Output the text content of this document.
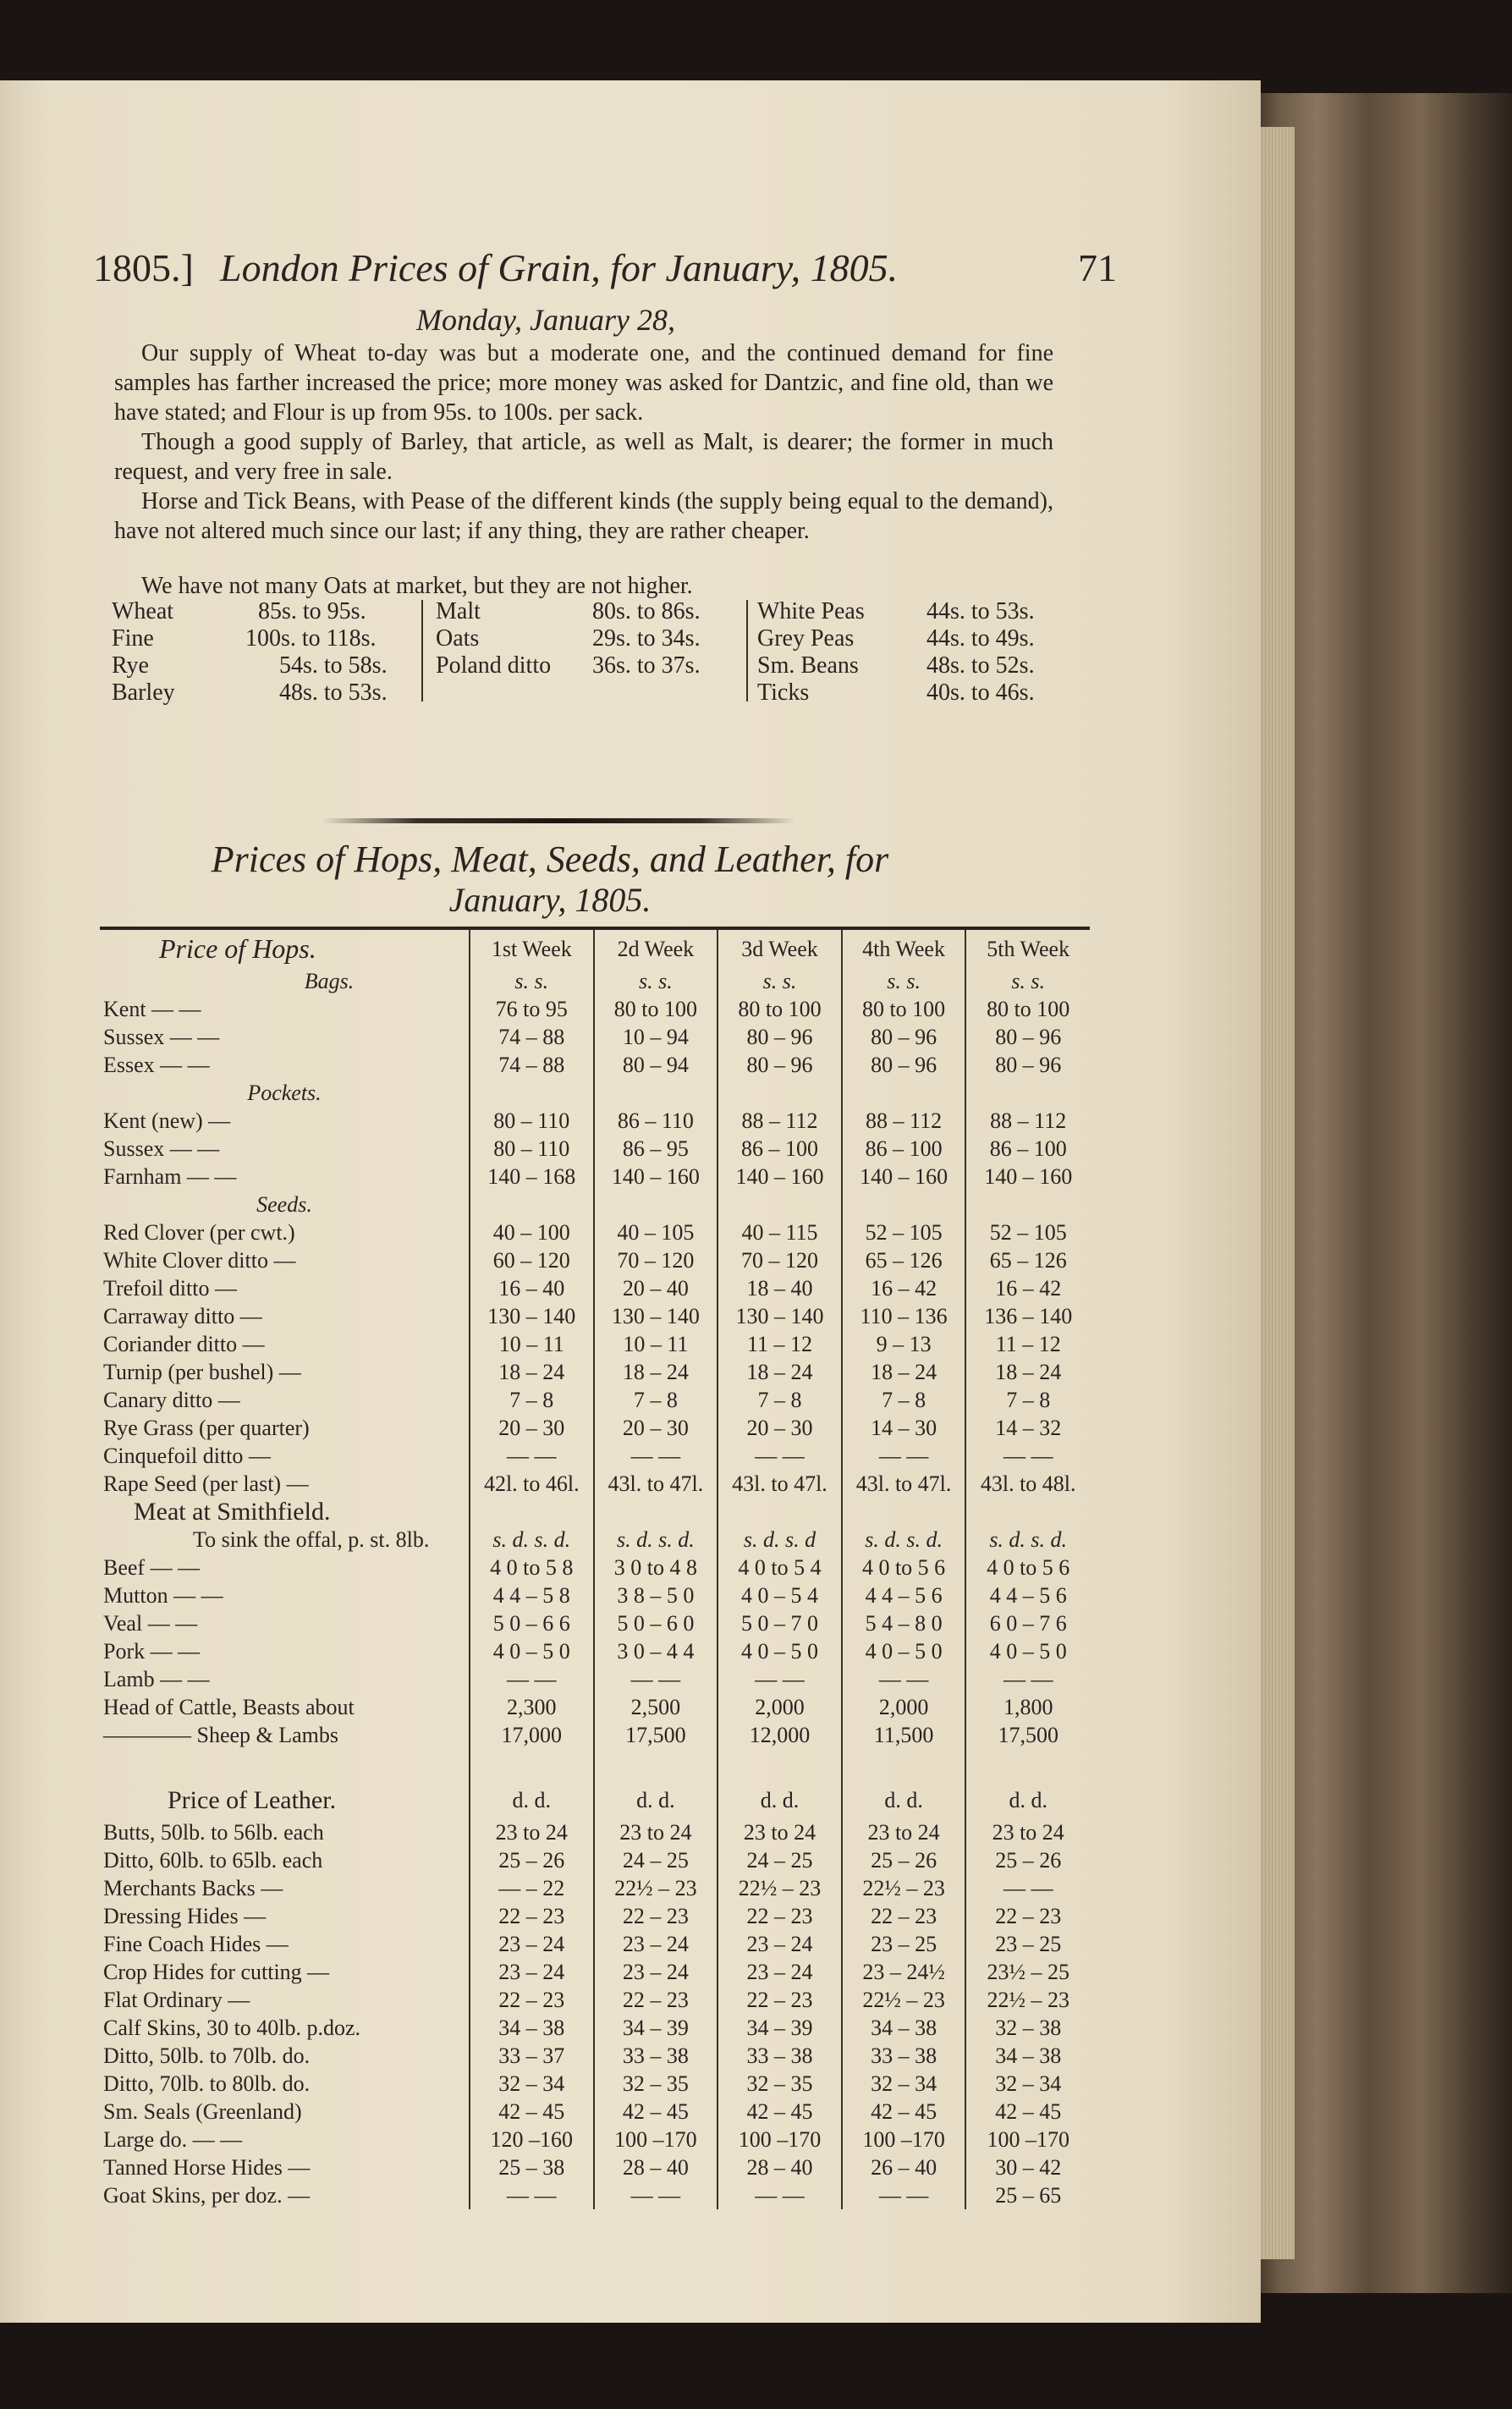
1805.] London Prices of Grain, for January, 1805.	71
Monday, January 28,
Our supply of Wheat to-day was but a moderate one, and the continued demand for fine samples has farther increased the price; more money was asked for Dantzic, and fine old, than we have stated; and Flour is up from 95s. to 100s. per sack.
Though a good supply of Barley, that article, as well as Malt, is dearer; the former in much request, and very free in sale.
Horse and Tick Beans, with Pease of the different kinds (the supply being equal to the demand), have not altered much since our last; if any thing, they are rather cheaper.
We have not many Oats at market, but they are not higher.
Wheat	85s. to 95s.
Fine	100s. to 118s.
Rye	54s. to 58s.
Barley	48s. to 53s.
Malt	80s. to 86s.
Oats	29s. to 34s.
Poland ditto 36s. to 37s.
White Peas	44s. to 53s.
Grey Peas	44s. to 49s.
Sm. Beans	48s. to 52s.
Ticks	40s. to 46s.
Prices of Hops, Meat, Seeds, and Leather, for
January, 1805.
Price of Hops.	1st Week	2d Week	3d Week	4th Week	5th Week
Bags.	s. s.	s. s.	s. s.	s. s.	s. s.
Kent — —	76 to 95	80 to 100	80 to 100	80 to 100	80 to 100
Sussex — —	74 – 88	10 – 94	80 – 96	80 – 96	80 – 96
Essex — —	74 – 88	80 – 94	80 – 96	80 – 96	80 – 96
Pockets.					
Kent (new) —	80 – 110	86 – 110	88 – 112	88 – 112	88 – 112
Sussex — —	80 – 110	86 – 95	86 – 100	86 – 100	86 – 100
Farnham — —	140 – 168	140 – 160	140 – 160	140 – 160	140 – 160
Seeds.					
Red Clover (per cwt.)	40 – 100	40 – 105	40 – 115	52 – 105	52 – 105
White Clover ditto —	60 – 120	70 – 120	70 – 120	65 – 126	65 – 126
Trefoil ditto —	16 – 40	20 – 40	18 – 40	16 – 42	16 – 42
Carraway ditto —	130 – 140	130 – 140	130 – 140	110 – 136	136 – 140
Coriander ditto —	10 – 11	10 – 11	11 – 12	9 – 13	11 – 12
Turnip (per bushel) —	18 – 24	18 – 24	18 – 24	18 – 24	18 – 24
Canary ditto —	7 – 8	7 – 8	7 – 8	7 – 8	7 – 8
Rye Grass (per quarter)	20 – 30	20 – 30	20 – 30	14 – 30	14 – 32
Cinquefoil ditto —	— —	— —	— —	— —	— —
Rape Seed (per last) —	42l. to 46l.	43l. to 47l.	43l. to 47l.	43l. to 47l.	43l. to 48l.
Meat at Smithfield.					
To sink the offal, p. st. 8lb.	s. d. s. d.	s. d. s. d.	s. d. s. d	s. d. s. d.	s. d. s. d.
Beef — —	4 0 to 5 8	3 0 to 4 8	4 0 to 5 4	4 0 to 5 6	4 0 to 5 6
Mutton — —	4 4 – 5 8	3 8 – 5 0	4 0 – 5 4	4 4 – 5 6	4 4 – 5 6
Veal — —	5 0 – 6 6	5 0 – 6 0	5 0 – 7 0	5 4 – 8 0	6 0 – 7 6
Pork — —	4 0 – 5 0	3 0 – 4 4	4 0 – 5 0	4 0 – 5 0	4 0 – 5 0
Lamb — —	— —	— —	— —	— —	— —
Head of Cattle, Beasts about	2,300	2,500	2,000	2,000	1,800
———— Sheep & Lambs	17,000	17,500	12,000	11,500	17,500

Price of Leather.	d. d.	d. d.	d. d.	d. d.	d. d.
Butts, 50lb. to 56lb. each	23 to 24	23 to 24	23 to 24	23 to 24	23 to 24
Ditto, 60lb. to 65lb. each	25 – 26	24 – 25	24 – 25	25 – 26	25 – 26
Merchants Backs —	— – 22	22½ – 23	22½ – 23	22½ – 23	— —
Dressing Hides —	22 – 23	22 – 23	22 – 23	22 – 23	22 – 23
Fine Coach Hides —	23 – 24	23 – 24	23 – 24	23 – 25	23 – 25
Crop Hides for cutting —	23 – 24	23 – 24	23 – 24	23 – 24½	23½ – 25
Flat Ordinary —	22 – 23	22 – 23	22 – 23	22½ – 23	22½ – 23
Calf Skins, 30 to 40lb. p.doz.	34 – 38	34 – 39	34 – 39	34 – 38	32 – 38
Ditto, 50lb. to 70lb. do.	33 – 37	33 – 38	33 – 38	33 – 38	34 – 38
Ditto, 70lb. to 80lb. do.	32 – 34	32 – 35	32 – 35	32 – 34	32 – 34
Sm. Seals (Greenland)	42 – 45	42 – 45	42 – 45	42 – 45	42 – 45
Large do. — —	120 –160	100 –170	100 –170	100 –170	100 –170
Tanned Horse Hides —	25 – 38	28 – 40	28 – 40	26 – 40	30 – 42
Goat Skins, per doz. —	— —	— —	— —	— —	25 – 65
